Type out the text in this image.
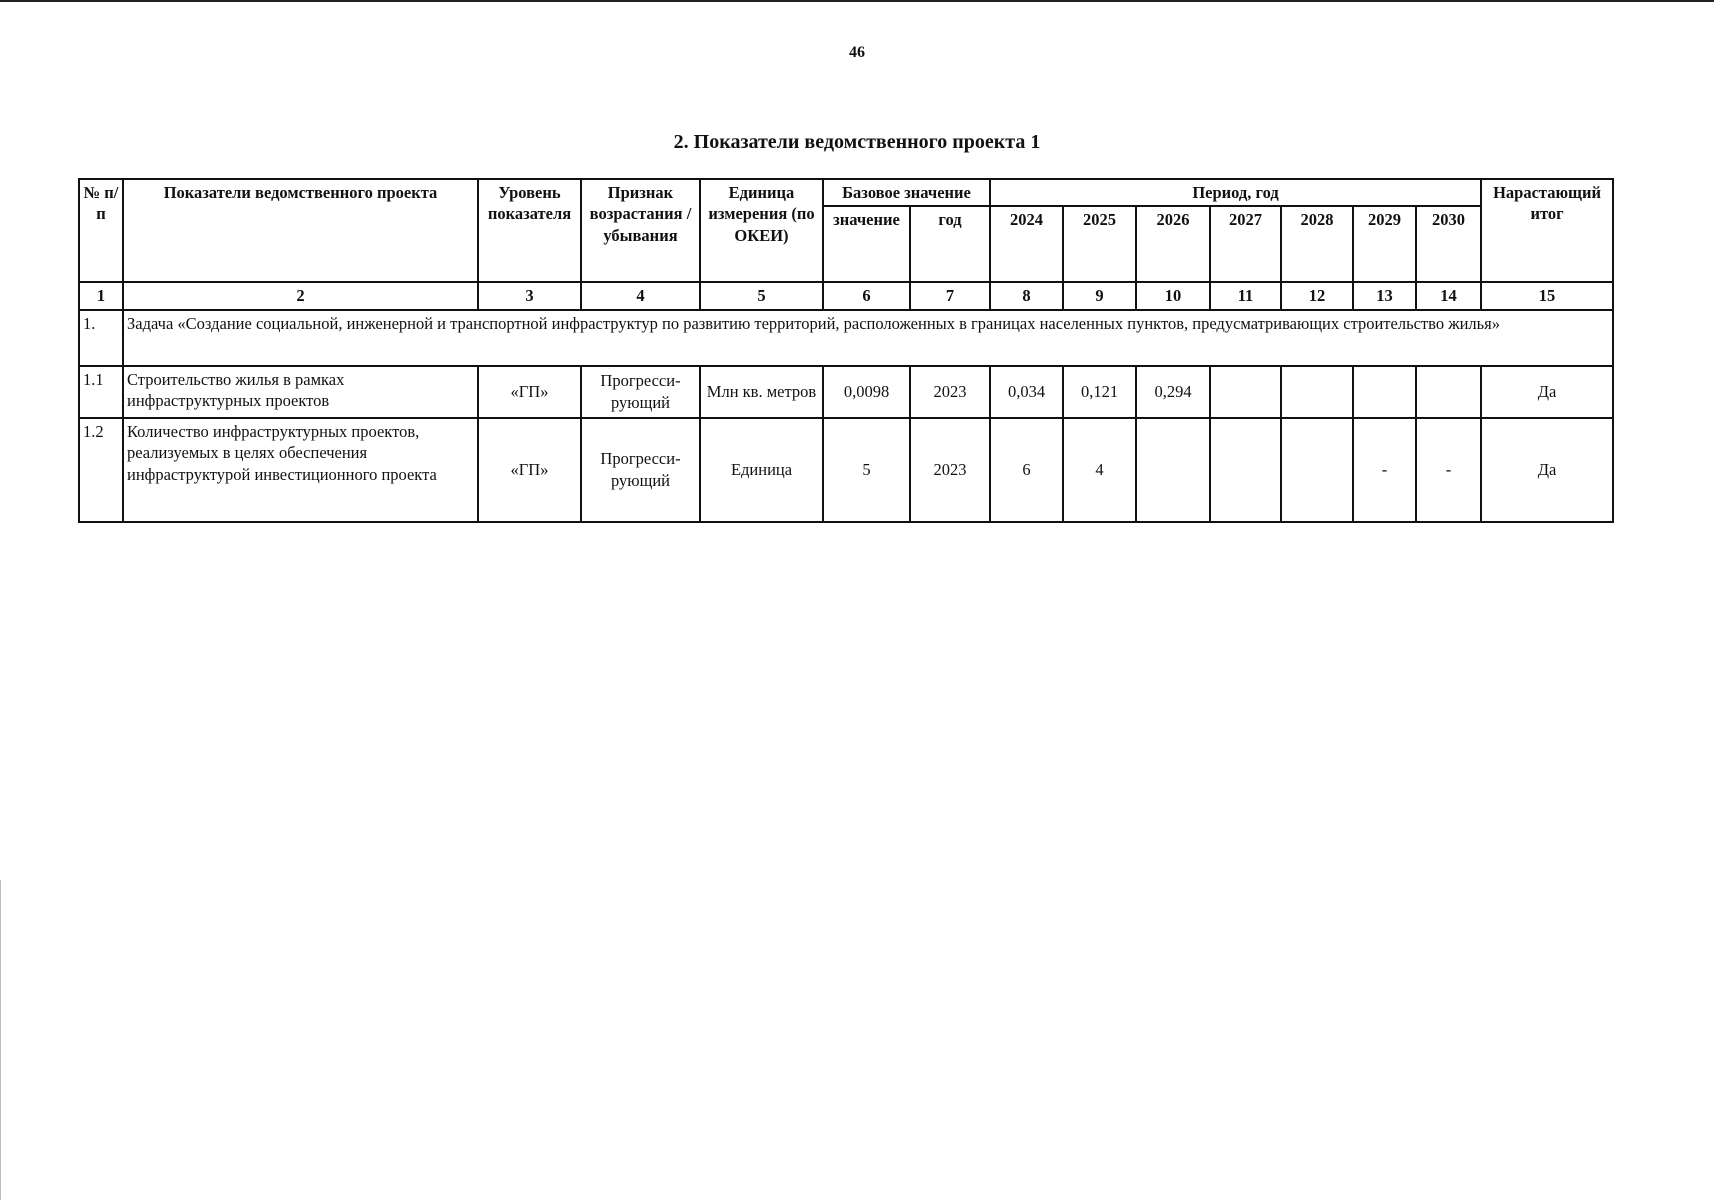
46
2. Показатели ведомственного проекта 1
№ п/п	Показатели ведомственного проекта	Уровень показателя	Признак возрастания / убывания	Единица измерения (по ОКЕИ)	Базовое значение		Период, год							Нарастающий итог
					значение	год	2024	2025	2026	2027	2028	2029	2030	
1	2	3	4	5	6	7	8	9	10	11	12	13	14	15
1.	Задача «Создание социальной, инженерной и транспортной инфраструктур по развитию территорий, расположенных в границах населенных пунктов, предусматривающих строительство жилья»													
1.1	Строительство жилья в рамках инфраструктурных проектов	«ГП»	Прогресси-рующий	Млн кв. метров	0,0098	2023	0,034	0,121	0,294					Да
1.2	Количество инфраструктурных проектов, реализуемых в целях обеспечения инфраструктурой инвестиционного проекта	«ГП»	Прогресси-рующий	Единица	5	2023	6	4				-	-	Да
